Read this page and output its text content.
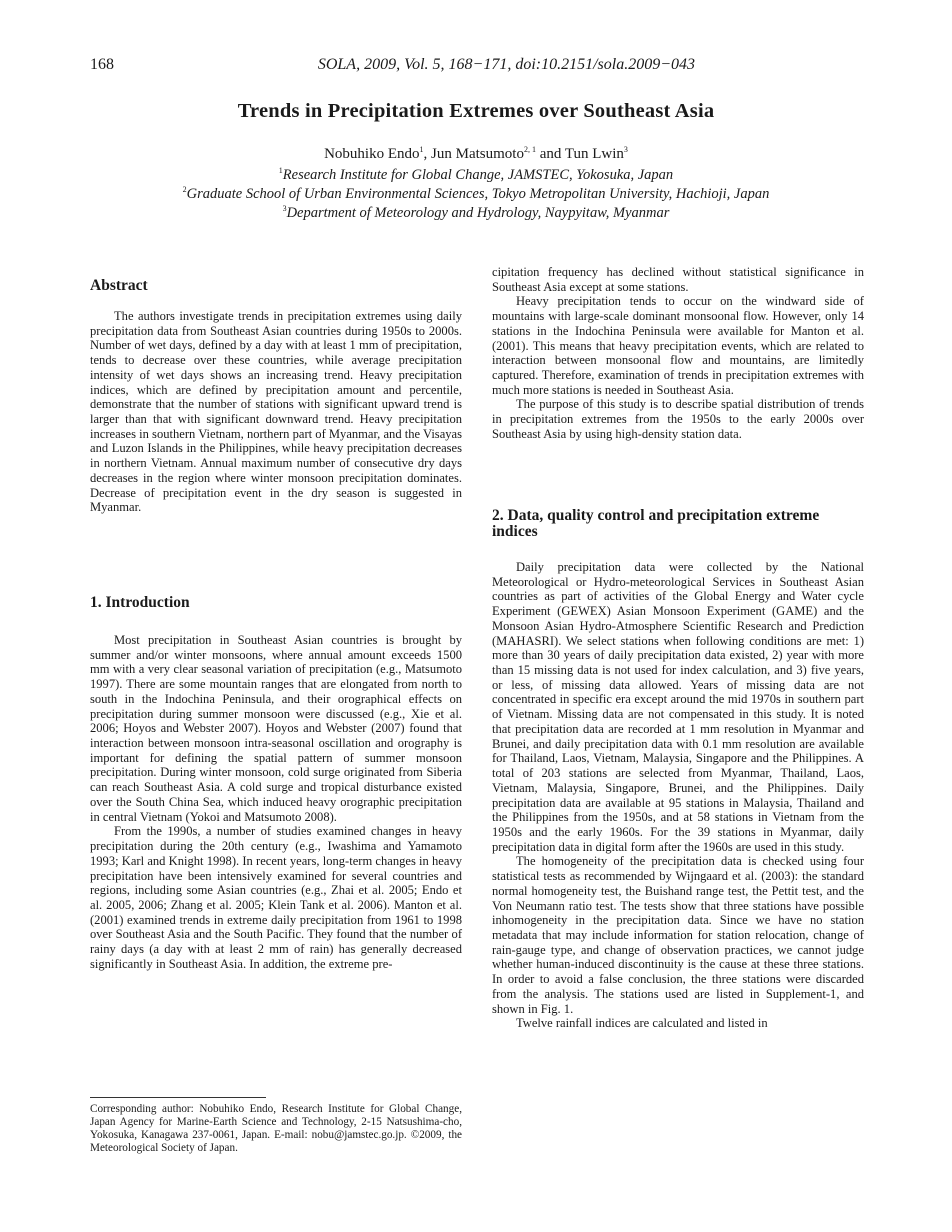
168	SOLA, 2009, Vol. 5, 168−171, doi:10.2151/sola.2009−043
Trends in Precipitation Extremes over Southeast Asia
Nobuhiko Endo$^1$, Jun Matsumoto$^{2, 1}$ and Tun Lwin$^3$
$^1$Research Institute for Global Change, JAMSTEC, Yokosuka, Japan
$^2$Graduate School of Urban Environmental Sciences, Tokyo Metropolitan University, Hachioji, Japan
$^3$Department of Meteorology and Hydrology, Naypyitaw, Myanmar
Abstract

The authors investigate trends in precipitation extremes using daily precipitation data from Southeast Asian countries during 1950s to 2000s. Number of wet days, defined by a day with at least 1 mm of precipitation, tends to decrease over these countries, while average precipitation intensity of wet days shows an increasing trend. Heavy precipitation indices, which are defined by precipitation amount and percentile, demonstrate that the number of stations with significant upward trend is larger than that with significant downward trend. Heavy precipitation increases in southern Vietnam, northern part of Myanmar, and the Visayas and Luzon Islands in the Philippines, while heavy precipitation decreases in northern Vietnam. Annual maximum number of consecutive dry days decreases in the region where winter monsoon precipitation dominates. Decrease of precipitation event in the dry season is suggested in Myanmar.

1. Introduction

Most precipitation in Southeast Asian countries is brought by summer and/or winter monsoons, where annual amount exceeds 1500 mm with a very clear seasonal variation of precipitation (e.g., Matsumoto 1997). There are some mountain ranges that are elongated from north to south in the Indochina Peninsula, and their orographical effects on precipitation during summer monsoon were discussed (e.g., Xie et al. 2006; Hoyos and Webster 2007). Hoyos and Webster (2007) found that interaction between monsoon intra-seasonal oscillation and orography is important for defining the spatial pattern of summer monsoon precipitation. During winter monsoon, cold surge originated from Siberia can reach Southeast Asia. A cold surge and tropical disturbance existed over the South China Sea, which induced heavy orographic precipitation in central Vietnam (Yokoi and Matsumoto 2008).

From the 1990s, a number of studies examined changes in heavy precipitation during the 20th century (e.g., Iwashima and Yamamoto 1993; Karl and Knight 1998). In recent years, long-term changes in heavy precipitation have been intensively examined for several countries and regions, including some Asian countries (e.g., Zhai et al. 2005; Endo et al. 2005, 2006; Zhang et al. 2005; Klein Tank et al. 2006). Manton et al. (2001) examined trends in extreme daily precipitation from 1961 to 1998 over Southeast Asia and the South Pacific. They found that the number of rainy days (a day with at least 2 mm of rain) has generally decreased significantly in Southeast Asia. In addition, the extreme pre-

Corresponding author: Nobuhiko Endo, Research Institute for Global Change, Japan Agency for Marine-Earth Science and Technology, 2-15 Natsushima-cho, Yokosuka, Kanagawa 237-0061, Japan. E-mail: nobu@jamstec.go.jp. ©2009, the Meteorological Society of Japan.

cipitation frequency has declined without statistical significance in Southeast Asia except at some stations.

Heavy precipitation tends to occur on the windward side of mountains with large-scale dominant monsoonal flow. However, only 14 stations in the Indochina Peninsula were available for Manton et al. (2001). This means that heavy precipitation events, which are related to interaction between monsoonal flow and mountains, are limitedly captured. Therefore, examination of trends in precipitation extremes with much more stations is needed in Southeast Asia.

The purpose of this study is to describe spatial distribution of trends in precipitation extremes from the 1950s to the early 2000s over Southeast Asia by using high-density station data.

2. Data, quality control and precipitation extreme indices

Daily precipitation data were collected by the National Meteorological or Hydro-meteorological Services in Southeast Asian countries as part of activities of the Global Energy and Water cycle Experiment (GEWEX) Asian Monsoon Experiment (GAME) and the Monsoon Asian Hydro-Atmosphere Scientific Research and Prediction (MAHASRI). We select stations when following conditions are met: 1) more than 30 years of daily precipitation data existed, 2) year with more than 15 missing data is not used for index calculation, and 3) five years, or less, of missing data allowed. Years of missing data are not concentrated in specific era except around the mid 1970s in southern part of Vietnam. Missing data are not compensated in this study. It is noted that precipitation data are recorded at 1 mm resolution in Myanmar and Brunei, and daily precipitation data with 0.1 mm resolution are available for Thailand, Laos, Vietnam, Malaysia, Singapore and the Philippines. A total of 203 stations are selected from Myanmar, Thailand, Laos, Vietnam, Malaysia, Singapore, Brunei, and the Philippines. Daily precipitation data are available at 95 stations in Malaysia, Thailand and the Philippines from the 1950s, and at 58 stations in Vietnam from the 1950s and the early 1960s. For the 39 stations in Myanmar, daily precipitation data in digital form after the 1960s are used in this study.

The homogeneity of the precipitation data is checked using four statistical tests as recommended by Wijngaard et al. (2003): the standard normal homogeneity test, the Buishand range test, the Pettit test, and the Von Neumann ratio test. The tests show that three stations have possible inhomogeneity in the precipitation data. Since we have no station metadata that may include information for station relocation, change of rain-gauge type, and change of observation practices, we cannot judge whether human-induced discontinuity is the cause at these three stations. In order to avoid a false conclusion, the three stations were discarded from the analysis. The stations used are listed in Supplement-1, and shown in Fig. 1.

Twelve rainfall indices are calculated and listed in
